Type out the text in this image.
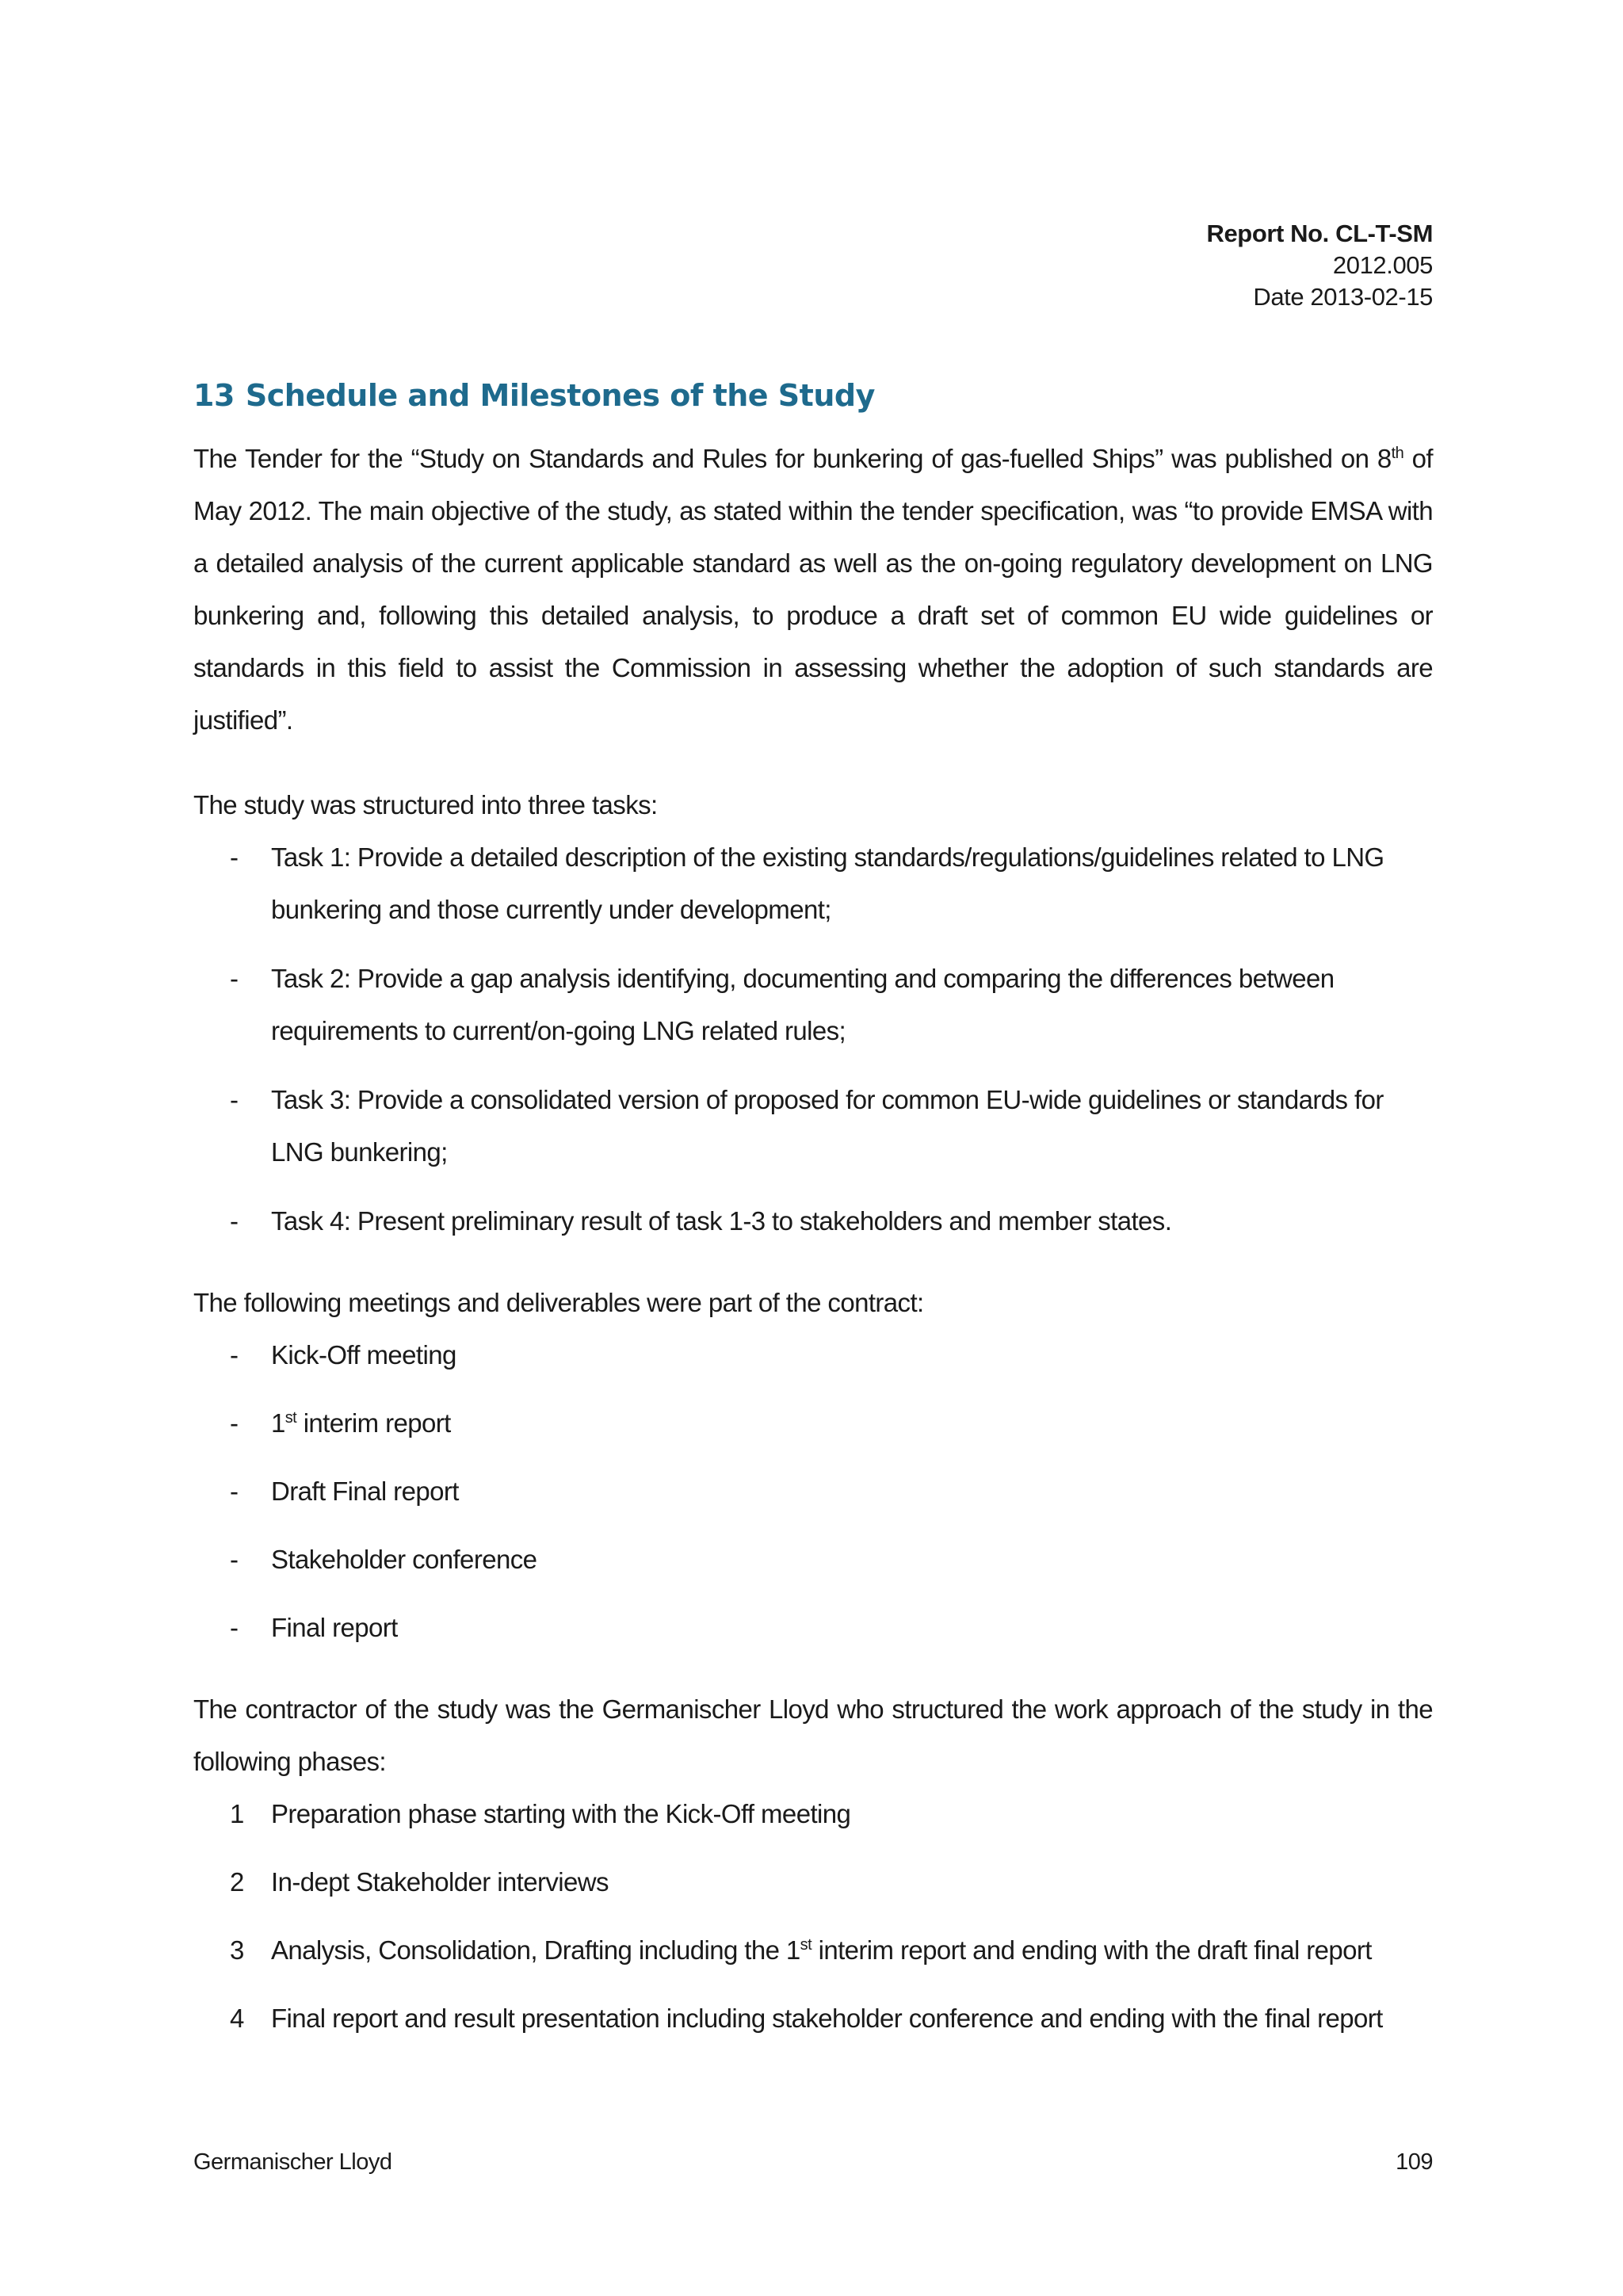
Report No. CL-T-SM
2012.005
Date 2013-02-15
13 Schedule and Milestones of the Study

The Tender for the “Study on Standards and Rules for bunkering of gas-fuelled Ships” was published on 8th of May 2012. The main objective of the study, as stated within the tender specification, was “to provide EMSA with a detailed analysis of the current applicable standard as well as the on-going regulatory development on LNG bunkering and, following this detailed analysis, to produce a draft set of common EU wide guidelines or standards in this field to assist the Commission in assessing whether the adoption of such standards are justified”.

The study was structured into three tasks:

-	Task 1: Provide a detailed description of the existing standards/regulations/guidelines related to LNG bunkering and those currently under development;
-	Task 2: Provide a gap analysis identifying, documenting and comparing the differences between requirements to current/on-going LNG related rules;
-	Task 3: Provide a consolidated version of proposed for common EU-wide guidelines or standards for LNG bunkering;
-	Task 4: Present preliminary result of task 1-3 to stakeholders and member states.

The following meetings and deliverables were part of the contract:

-	Kick-Off meeting
-	1st interim report
-	Draft Final report
-	Stakeholder conference
-	Final report

The contractor of the study was the Germanischer Lloyd who structured the work approach of the study in the following phases:

1	Preparation phase starting with the Kick-Off meeting
2	In-dept Stakeholder interviews
3	Analysis, Consolidation, Drafting including the 1st interim report and ending with the draft final report
4	Final report and result presentation including stakeholder conference and ending with the final report
Germanischer Lloyd	109
